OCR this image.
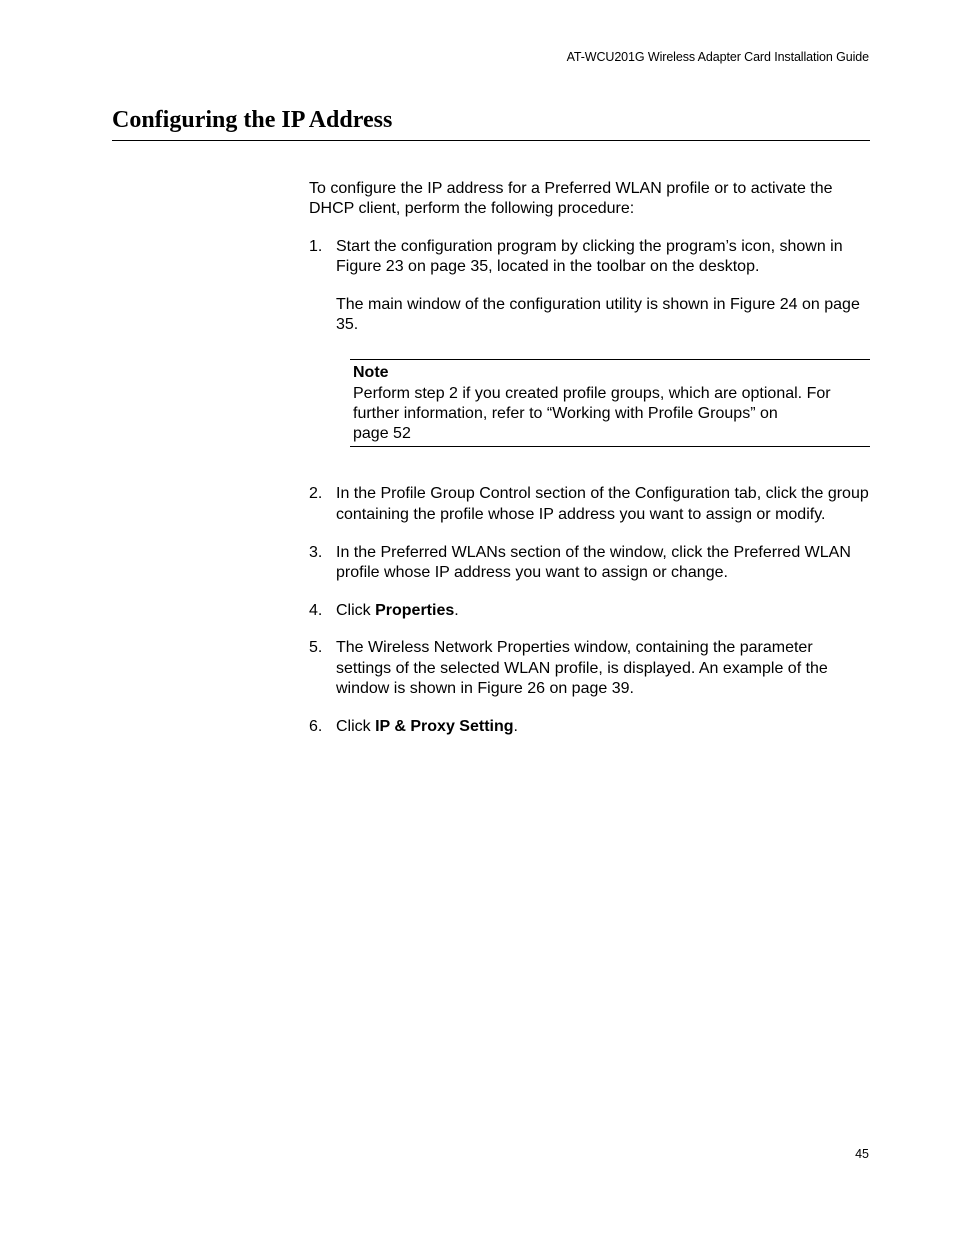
AT-WCU201G Wireless Adapter Card Installation Guide
Configuring the IP Address

To configure the IP address for a Preferred WLAN profile or to activate the DHCP client, perform the following procedure:

1. Start the configuration program by clicking the program’s icon, shown in Figure 23 on page 35, located in the toolbar on the desktop.

The main window of the configuration utility is shown in Figure 24 on page 35.

Note
Perform step 2 if you created profile groups, which are optional. For further information, refer to “Working with Profile Groups” on
page 52
2. In the Profile Group Control section of the Configuration tab, click the group containing the profile whose IP address you want to assign or modify.
3. In the Preferred WLANs section of the window, click the Preferred WLAN profile whose IP address you want to assign or change.
4. Click Properties.
5. The Wireless Network Properties window, containing the parameter settings of the selected WLAN profile, is displayed. An example of the window is shown in Figure 26 on page 39.
6. Click IP & Proxy Setting.
45
